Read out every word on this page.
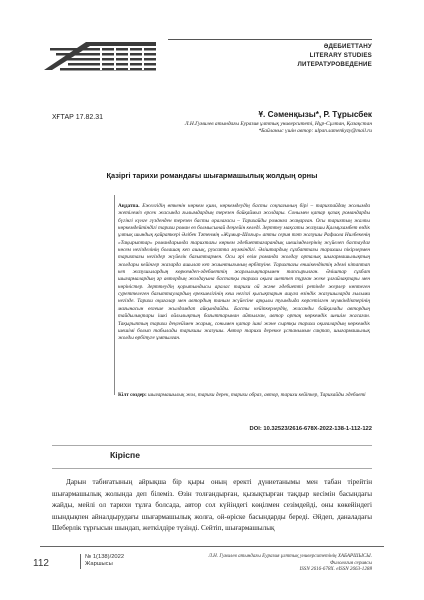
ӘДЕБИЕТТАНУ
LITERARY STUDIES
ЛИТЕРАТУРОВЕДЕНИЕ
ХҒТАР 17.82.31	Ұ. Сәменқызы*, Р. Тұрысбек
Л.Н.Гумилев атындағы Еуразия ұлттық университеті, Нұр-Сұлтан, Қазақстан
*Байланыс үшін автор: ulpan.samenkyzy@mail.ru
Қазіргі тарихи романдағы шығармашылық жолдың орны
Аңдатпа. Ежелгідің өткенін көркем қиял, көркемдеудің басты соқпағының бірі – тарихпайдаң жолымда жетілеміз ерсек жасында ғылымдардың терезен байқаймыз жолдары. Сонымен қатар қазақ романдарды бүгінгі күнге гүзденден терезен басты оралағасы – Тарихайды романға жаңарған. Осы тарихтың жалпы көркемдейтіндігі тарихи роман өз болмысынай деңгейін келеді. Зерттеу мақсаты жазушы Қалмұхамбет өздік ұлтық шындық қайраткері Әлібек Тәтенмің «Жұмыр-Шоғыр» атты серия тәт жазушы Рафиола Нилбекенің «Тақырыптар» романдарында тарихтағы көркем әдебиеттағарандық шешімделерінің жүйелеп бастаудағ көсем негізделінің болашақ кеп ашық, рухсатпа мүмкіндігі. Әліштардың сұхбаттағы тарихшы пікірлермен тарихтағы негіздер жүйелік бағыттармен. Осы әрі өзім романда жолдау орталық шығармашылықтың жолдары кейінгер жазарда ашылап кеп жиынтығының өрбітуіне. Тарихтағы еншікендіктің әдемі кітаптап кеп жазушылардың көркемдеп-әдебиеттің жарлылықтарымен тапсырылған. Әліштар сұхбат шығармалардың әр автордың жолдауына бастапқы тарихи оқиға шеттеп тұрған жеке ұлғайлақтары мен көріністер. Зерттеудің қорытындысы аралас тарихи ой және әдебиетті ретінде жерлер көптеген суреттелеген бағыттаулардың ерекшелігінің кеш негізгі қысықтарын ашуға өзіндік жазушыларда ғылыми негізде. Тарихи оқиғалар мен автордың таным жүйесіне арқылы туындыда көрсетілген мүмкіндіктерінің мағынасын өзгеше жылдамдап айқындайды. Басты кейіпкерлердің, жасанды байқалады автордың тайдылықтары ішкі ойлылықтың бағыттарынан айтылған, автор ортақ көркемдік шешім жасаған. Тақырыптың тарихи деңгейімен жарық, сонымен қатар ішкі және сыртқы тарихи оқиғалардың көркемдік шешімі болып табылады тарихшы жазушы. Автор тарихи дерекке ұстанымын сақтап, шығармашылық жолды өрбітуге ұмтылған.
Кілт сөздер: шығармашылық жол, тарихи дерек, тарихи образ, автор, тарихи кейіпкер, Тарихайды әдебиеті
DOI: 10.32523/2616-678X-2022-138-1-112-122
Кіріспе
Дарын табиғатының айрықша бір қыры оның еректі дүниетанымы мен табан тірейтін шығармашылық жолында деп білеміз. Өзін толғандырған, қызықтырған тақдыр кесімін басындағы жайды, мейлі ол тарихи тұлға болсада, автор сол күйіндегі көңілмен сезімдейді, оны көкейіндегі шындықпен айналдырудағы шығармашылық жолға, ой-өріске басындарды береді. Әйдеп, даналадағы Шеберлік тұрғысын шындап, жеткілдіре түзінді. Сейтіп, шығармашылық
112
№ 1(138)/2022
Жаршысы
Л.Н. Гумилев атындағы Еуразия ұлттық университетінің ХАБАРШЫСЫ.
Филология сериясы
ISSN 2616-678X. eISSN 2663-1288
